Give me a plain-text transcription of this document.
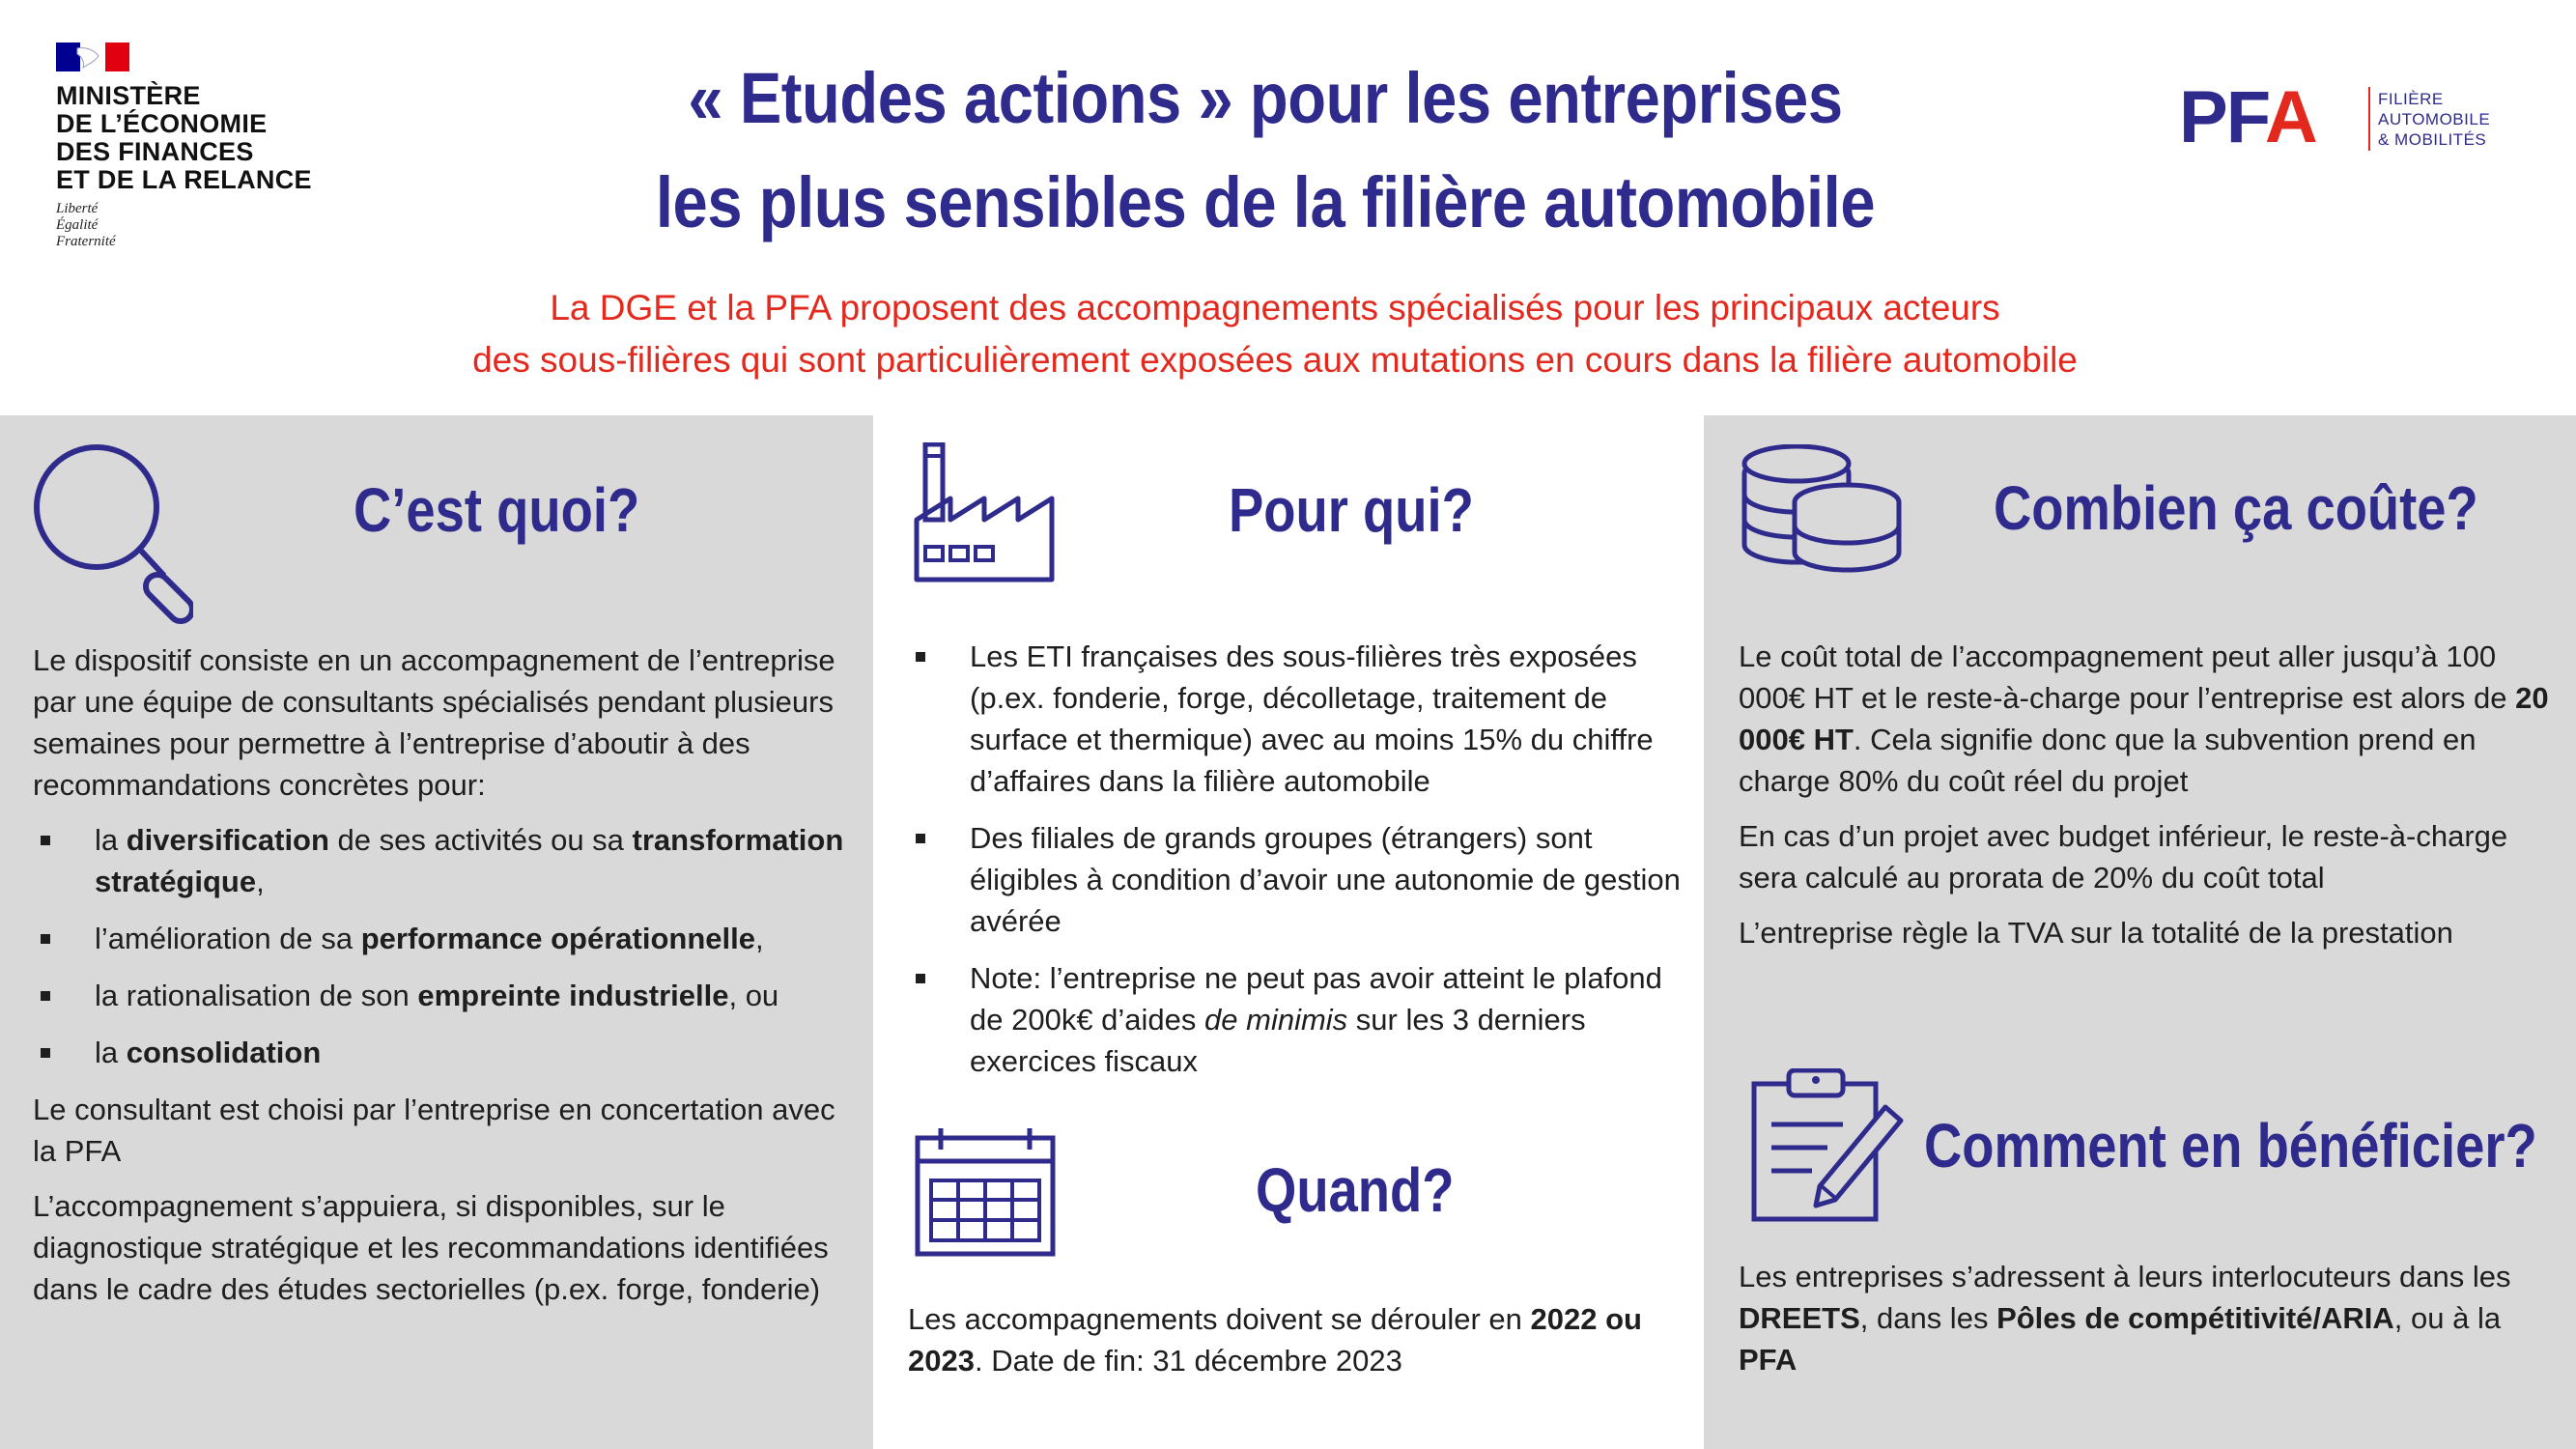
MINISTÈRE
DE L’ÉCONOMIE
DES FINANCES
ET DE LA RELANCE
Liberté
Égalité
Fraternité
« Etudes actions » pour les entreprises
les plus sensibles de la filière automobile
La DGE et la PFA proposent des accompagnements spécialisés pour les principaux acteurs
des sous-filières qui sont particulièrement exposées aux mutations en cours dans la filière automobile
PFA	FILIÈRE
AUTOMOBILE
& MOBILITÉS
C’est quoi?

Le dispositif consiste en un accompagnement de l’entreprise par une équipe de consultants spécialisés pendant plusieurs semaines pour permettre à l’entreprise d’aboutir à des recommandations concrètes pour:

la diversification de ses activités ou sa transformation stratégique,
l’amélioration de sa performance opérationnelle,
la rationalisation de son empreinte industrielle, ou
la consolidation

Le consultant est choisi par l’entreprise en concertation avec la PFA

L’accompagnement s’appuiera, si disponibles, sur le diagnostique stratégique et les recommandations identifiées dans le cadre des études sectorielles (p.ex. forge, fonderie)

Pour qui?
Les ETI françaises des sous-filières très exposées (p.ex. fonderie, forge, décolletage, traitement de surface et thermique) avec au moins 15% du chiffre d’affaires dans la filière automobile
Des filiales de grands groupes (étrangers) sont éligibles à condition d’avoir une autonomie de gestion avérée
Note: l’entreprise ne peut pas avoir atteint le plafond de 200k€ d’aides de minimis sur les 3 derniers exercices fiscaux
Quand?

Les accompagnements doivent se dérouler en 2022 ou 2023. Date de fin: 31 décembre 2023

Combien ça coûte?

Le coût total de l’accompagnement peut aller jusqu’à 100 000€ HT et le reste-à-charge pour l’entreprise est alors de 20 000€ HT. Cela signifie donc que la subvention prend en charge 80% du coût réel du projet

En cas d’un projet avec budget inférieur, le reste-à-charge sera calculé au prorata de 20% du coût total

L’entreprise règle la TVA sur la totalité de la prestation

Comment en bénéficier?

Les entreprises s’adressent à leurs interlocuteurs dans les DREETS, dans les Pôles de compétitivité/ARIA, ou à la PFA
